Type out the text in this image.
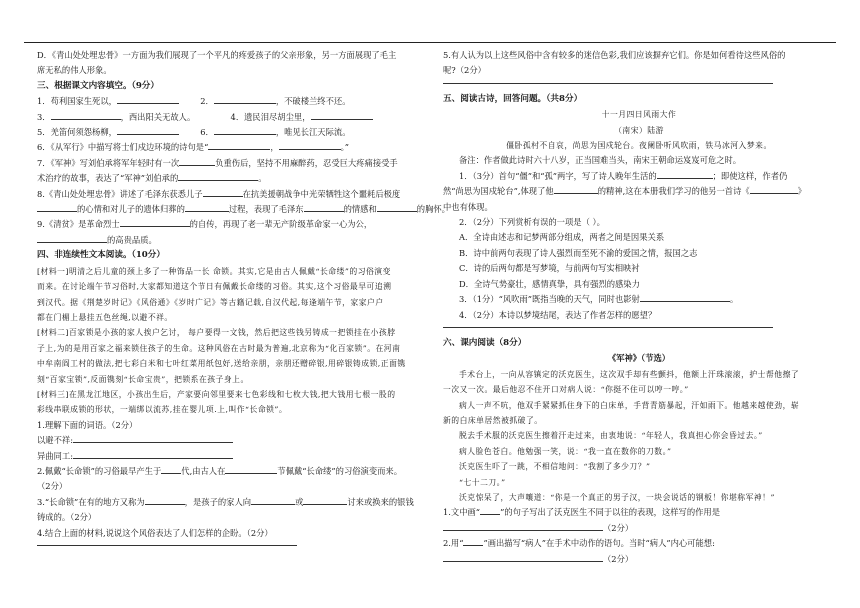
D．《青山处处埋忠骨》一方面为我们展现了一个平凡的疼爱孩子的父亲形象，另一方面展现了毛主
席无私的伟人形象。
三、根据课文内容填空。（9分）
1．苟利国家生死以，	2．	，不破楼兰终不还。
3．	，西出阳关无故人。	4．遗民泪尽胡尘里，
5．羌笛何须怨杨柳，	6．	，唯见长江天际流。
6．《从军行》中描写将士们戍边环境的诗句是“	，	。”
7．《军神》写刘伯承将军年轻时有一次	负重伤后，坚持不用麻醉药，忍受巨大疼痛接受手
术治疗的故事，表达了“军神”刘伯承的	。
8.《青山处处埋忠骨》讲述了毛泽东获悉儿子	在抗美援朝战争中光荣牺牲这个噩耗后极度
的心情和对儿子的遗体归葬的	过程，表现了毛泽东	的情感和	的胸怀。
9.《清贫》是革命烈士	的自传，再现了老一辈无产阶级革命家一心为公，
的高贵品质。
四、非连续性文本阅读。（10分）
[材料一]明清之后儿童的颈上多了一种饰品一长 命锁。其实,它是由古人佩戴“长命缕”的习俗演变
而来。在讨论端午节习俗时,大家都知道这个节日有佩戴长命缕的习俗。其实,这个习俗最早可追溯
到汉代。据《荆楚岁时记》《风俗通》《岁时广记》等古籍记载,自汉代起,每逢端午节，家家户户
都在门楣上悬挂五色丝绳,以避不祥。
[材料二]百家锁是小孩的家人挨户乞讨， 每户要得一文钱，然后把这些钱另铸成一把锁挂在小孩脖
子上,为的是用百家之福来锁住孩子的生命。这种风俗在古时最为普遍,北京称为“化百家锁”。在河南
中牟南阎工村的做法,把七彩白米和七叶红菜用纸包好,送给亲朋，亲朋还赠碎银,用碎银铸成锁,正面镌
刻“百家宝锁”,反面镌刻“长命宝贵”，把锁系在孩子身上。
[材料三]在黑龙江地区，小孩出生后，产家要向邻里要来七色彩线和七枚大钱,把大钱用七根一股的
彩线串联成锁的形状，一端绑以流苏,挂在婴儿项.上,叫作“长命锁”。
1.理解下面的词语。（2分）
以避不祥:
异曲同工:
2.佩戴“长命锁”的习俗最早产生于 代,由古人在	节佩戴“长命缕”的习俗演变而来。
（2分）
3.“长命锁”在有的地方又称为	，是孩子的家人向	或	讨来或换来的银钱
铸成的。（2分）
4.结合上面的材料,说说这个风俗表达了人们怎样的企盼。（2分）
5.有人认为以上这些风俗中含有较多的迷信色彩,我们应该摒弃它们。你是如何看待这些风俗的
呢?（2分）
五、阅读古诗，回答问题。（共8分）
十一月四日风雨大作
（南宋）陆游
僵卧孤村不自哀，尚思为国戍轮台。夜阑卧听风吹雨，铁马冰河入梦来。
备注：作者做此诗时六十八岁，正当国难当头，南宋王朝命运岌岌可危之时。
1．（3分）首句“僵”和“孤”两字，写了诗人晚年生活的	；即使这样，作者仍
然“尚思为国戍轮台”,体现了他	的精神,这在本册我们学习的他另一首诗《	》
中也有体现。
2．（2分）下列赏析有误的一项是（ ）。
A．全诗由述志和记梦两部分组成，两者之间是因果关系
B．诗中前两句表现了诗人强烈而至死不渝的爱国之情，报国之志
C．诗的后两句都是写梦境，与前两句写实相映衬
D．全诗气势豪壮，感情真挚，具有强烈的感染力
3．（1分）“风吹雨”既指当晚的天气，同时也影射	。
4．（2分）本诗以梦境结尾，表达了作者怎样的愿望？
六、课内阅读（8分）
《军神》（节选）
手术台上，一向从容镇定的沃克医生，这次双手却有些颤抖，他额上汗珠滚滚，护士帮他擦了
一次又一次。最后他忍不住开口对病人说：“你挺不住可以哼一哼。”
病人一声不吭，他双手紧紧抓住身下的白床单，手背青筋暴起，汗如雨下。他越来越使劲，崭
新的白床单居然被抓破了。
脱去手术服的沃克医生擦着汗走过来，由衷地说：“年轻人，我真担心你会昏过去。”
病人脸色苍白。他勉强一笑，说：“我一直在数你的刀数。”
沃克医生吓了一跳，不相信地问：“我割了多少刀？”
“七十二刀。”
沃克惊呆了，大声嚷道：“你是一个真正的男子汉，一块会说话的钢板！你堪称军神！”
1.文中画“ ”的句子写出了沃克医生不同于以往的表现，这样写的作用是
（2分）
2.用“ ”画出描写“病人”在手术中动作的语句。当时“病人”内心可能想:
（2分）
